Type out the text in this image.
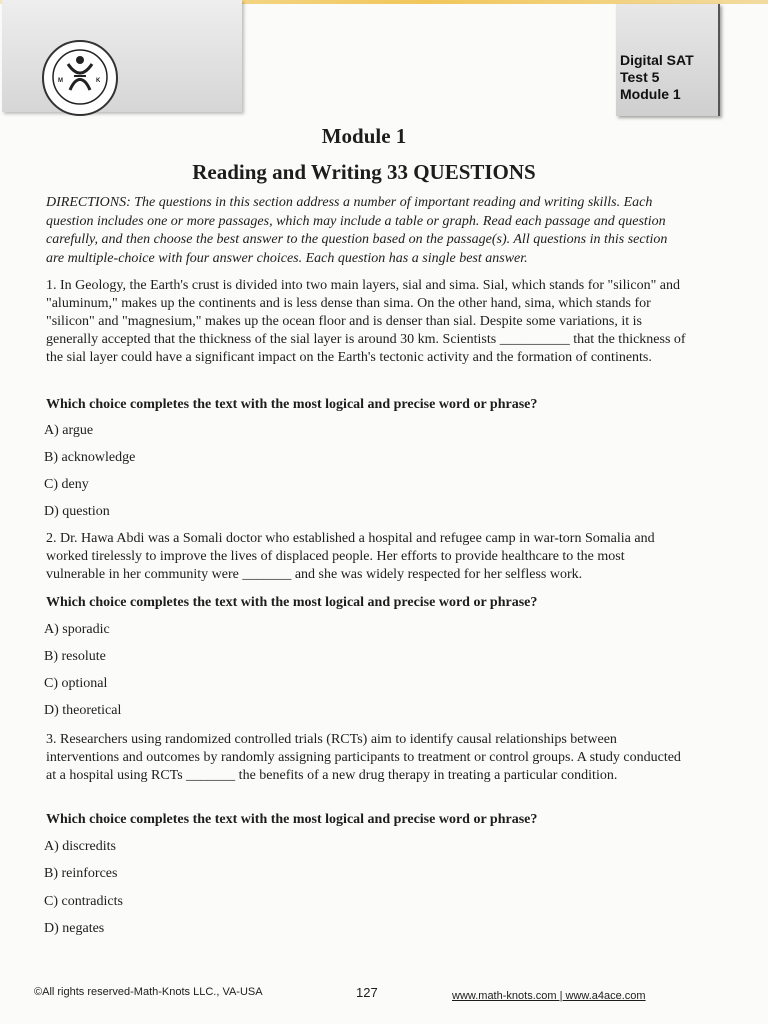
M	K
Digital SAT
Test 5
Module 1
Module 1
Reading and Writing 33 QUESTIONS
DIRECTIONS: The questions in this section address a number of important reading and writing skills. Each question includes one or more passages, which may include a table or graph. Read each passage and question carefully, and then choose the best answer to the question based on the passage(s). All questions in this section are multiple-choice with four answer choices. Each question has a single best answer.
1. In Geology, the Earth's crust is divided into two main layers, sial and sima. Sial, which stands for "silicon" and "aluminum," makes up the continents and is less dense than sima. On the other hand, sima, which stands for "silicon" and "magnesium," makes up the ocean floor and is denser than sial. Despite some variations, it is generally accepted that the thickness of the sial layer is around 30 km. Scientists __________ that the thickness of the sial layer could have a significant impact on the Earth's tectonic activity and the formation of continents.
Which choice completes the text with the most logical and precise word or phrase?
A) argue
B) acknowledge
C) deny
D) question
2. Dr. Hawa Abdi was a Somali doctor who established a hospital and refugee camp in war-torn Somalia and worked tirelessly to improve the lives of displaced people. Her efforts to provide healthcare to the most vulnerable in her community were _______ and she was widely respected for her selfless work.
Which choice completes the text with the most logical and precise word or phrase?
A) sporadic
B) resolute
C) optional
D) theoretical
3. Researchers using randomized controlled trials (RCTs) aim to identify causal relationships between interventions and outcomes by randomly assigning participants to treatment or control groups. A study conducted at a hospital using RCTs _______ the benefits of a new drug therapy in treating a particular condition.
Which choice completes the text with the most logical and precise word or phrase?
A) discredits
B) reinforces
C) contradicts
D) negates
©All rights reserved-Math-Knots LLC., VA-USA	127	www.math-knots.com | www.a4ace.com
